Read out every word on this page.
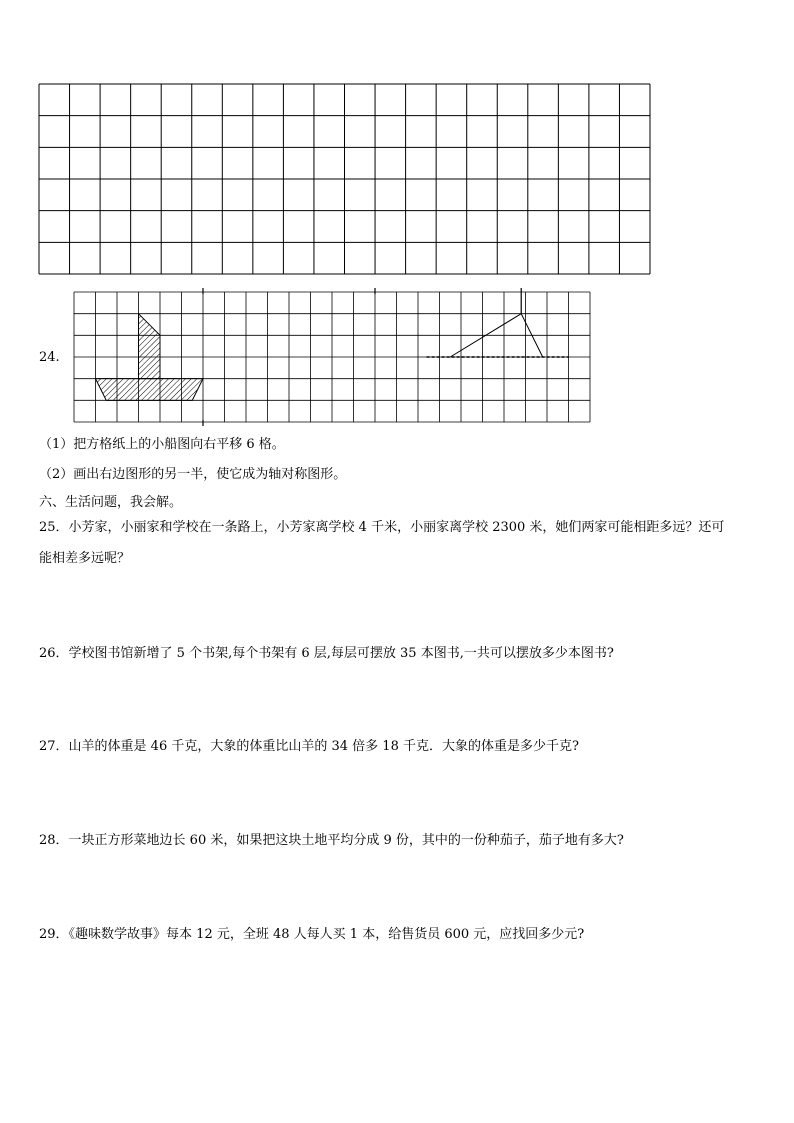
24.
（1）把方格纸上的小船图向右平移 6 格。
（2）画出右边图形的另一半，使它成为轴对称图形。
六、生活问题，我会解。
25．小芳家，小丽家和学校在一条路上，小芳家离学校 4 千米，小丽家离学校 2300 米，她们两家可能相距多远？还可
能相差多远呢？
26．学校图书馆新增了 5 个书架,每个书架有 6 层,每层可摆放 35 本图书,一共可以摆放多少本图书?
27．山羊的体重是 46 千克，大象的体重比山羊的 34 倍多 18 千克．大象的体重是多少千克?
28．一块正方形菜地边长 60 米，如果把这块土地平均分成 9 份，其中的一份种茄子，茄子地有多大?
29．《趣味数学故事》每本 12 元，全班 48 人每人买 1 本，给售货员 600 元，应找回多少元?
